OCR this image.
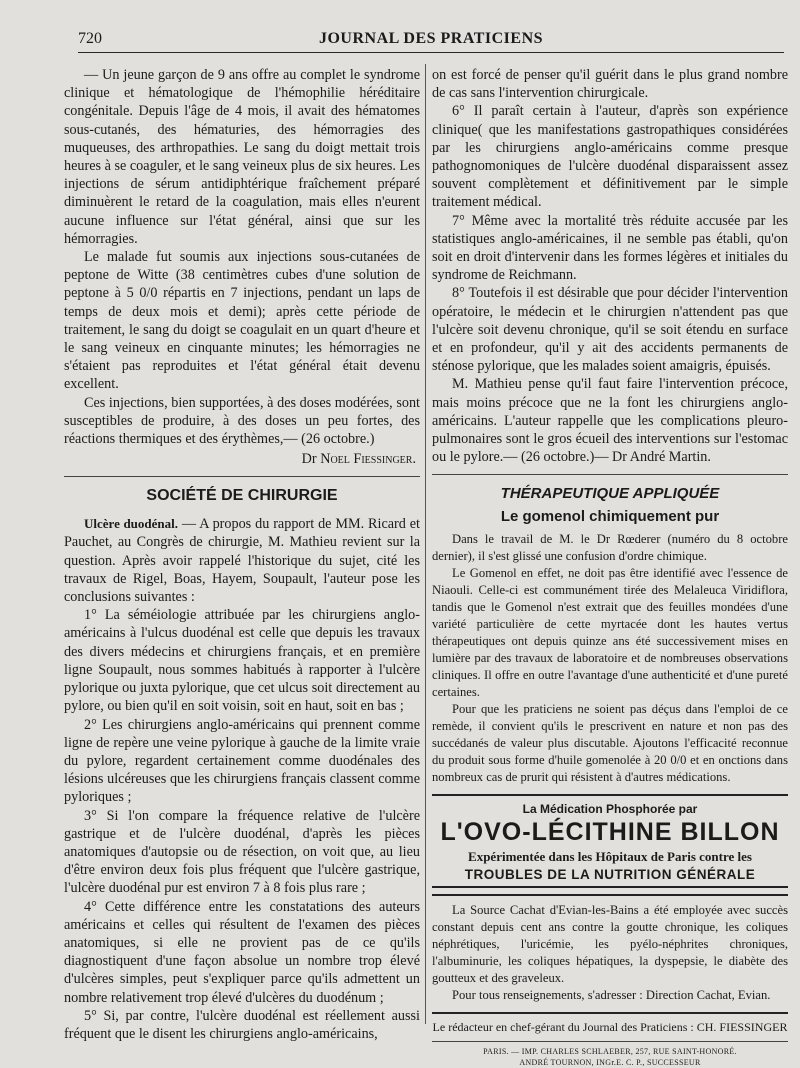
720	JOURNAL DES PRATICIENS

— Un jeune garçon de 9 ans offre au complet le syndrome clinique et hématologique de l'hémophilie héréditaire congénitale. Depuis l'âge de 4 mois, il avait des hématomes sous-cutanés, des hématuries, des hémorragies des muqueuses, des arthropathies. Le sang du doigt mettait trois heures à se coaguler, et le sang veineux plus de six heures. Les injections de sérum antidiphtérique fraîchement préparé diminuèrent le retard de la coagulation, mais elles n'eurent aucune influence sur l'état général, ainsi que sur les hémorragies.

Le malade fut soumis aux injections sous-cutanées de peptone de Witte (38 centimètres cubes d'une solution de peptone à 5 0/0 répartis en 7 injections, pendant un laps de temps de deux mois et demi); après cette période de traitement, le sang du doigt se coagulait en un quart d'heure et le sang veineux en cinquante minutes; les hémorragies ne s'étaient pas reproduites et l'état général était devenu excellent.

Ces injections, bien supportées, à des doses modérées, sont susceptibles de produire, à des doses un peu fortes, des réactions thermiques et des érythèmes,— (26 octobre.)

Dr Noel Fiessinger.
SOCIÉTÉ DE CHIRURGIE

Ulcère duodénal. — A propos du rapport de MM. Ricard et Pauchet, au Congrès de chirurgie, M. Mathieu revient sur la question. Après avoir rappelé l'historique du sujet, cité les travaux de Rigel, Boas, Hayem, Soupault, l'auteur pose les conclusions suivantes :

1° La séméiologie attribuée par les chirurgiens anglo-américains à l'ulcus duodénal est celle que depuis les travaux des divers médecins et chirurgiens français, et en première ligne Soupault, nous sommes habitués à rapporter à l'ulcère pylorique ou juxta pylorique, que cet ulcus soit directement au pylore, ou bien qu'il en soit voisin, soit en haut, soit en bas ;

2° Les chirurgiens anglo-américains qui prennent comme ligne de repère une veine pylorique à gauche de la limite vraie du pylore, regardent certainement comme duodénales des lésions ulcéreuses que les chirurgiens français classent comme pyloriques ;

3° Si l'on compare la fréquence relative de l'ulcère gastrique et de l'ulcère duodénal, d'après les pièces anatomiques d'autopsie ou de résection, on voit que, au lieu d'être environ deux fois plus fréquent que l'ulcère gastrique, l'ulcère duodénal pur est environ 7 à 8 fois plus rare ;

4° Cette différence entre les constatations des auteurs américains et celles qui résultent de l'examen des pièces anatomiques, si elle ne provient pas de ce qu'ils diagnostiquent d'une façon absolue un nombre trop élevé d'ulcères simples, peut s'expliquer parce qu'ils admettent un nombre relativement trop élevé d'ulcères du duodénum ;

5° Si, par contre, l'ulcère duodénal est réellement aussi fréquent que le disent les chirurgiens anglo-américains,

on est forcé de penser qu'il guérit dans le plus grand nombre de cas sans l'intervention chirurgicale.

6° Il paraît certain à l'auteur, d'après son expérience clinique( que les manifestations gastropathiques considérées par les chirurgiens anglo-américains comme presque pathognomoniques de l'ulcère duodénal disparaissent assez souvent complètement et définitivement par le simple traitement médical.

7° Même avec la mortalité très réduite accusée par les statistiques anglo-américaines, il ne semble pas établi, qu'on soit en droit d'intervenir dans les formes légères et initiales du syndrome de Reichmann.

8° Toutefois il est désirable que pour décider l'intervention opératoire, le médecin et le chirurgien n'attendent pas que l'ulcère soit devenu chronique, qu'il se soit étendu en surface et en profondeur, qu'il y ait des accidents permanents de sténose pylorique, que les malades soient amaigris, épuisés.

M. Mathieu pense qu'il faut faire l'intervention précoce, mais moins précoce que ne la font les chirurgiens anglo-américains. L'auteur rappelle que les complications pleuro-pulmonaires sont le gros écueil des interventions sur l'estomac ou le pylore.— (26 octobre.)— Dr André Martin.

THÉRAPEUTIQUE APPLIQUÉE
Le gomenol chimiquement pur

Dans le travail de M. le Dr Rœderer (numéro du 8 octobre dernier), il s'est glissé une confusion d'ordre chimique.

Le Gomenol en effet, ne doit pas être identifié avec l'essence de Niaouli. Celle-ci est communément tirée des Melaleuca Viridiflora, tandis que le Gomenol n'est extrait que des feuilles mondées d'une variété particulière de cette myrtacée dont les hautes vertus thérapeutiques ont depuis quinze ans été successivement mises en lumière par des travaux de laboratoire et de nombreuses observations cliniques. Il offre en outre l'avantage d'une authenticité et d'une pureté certaines.

Pour que les praticiens ne soient pas déçus dans l'emploi de ce remède, il convient qu'ils le prescrivent en nature et non pas des succédanés de valeur plus discutable. Ajoutons l'efficacité reconnue du produit sous forme d'huile gomenolée à 20 0/0 et en onctions dans nombreux cas de prurit qui résistent à d'autres médications.

La Médication Phosphorée par
L'OVO-LÉCITHINE BILLON
Expérimentée dans les Hôpitaux de Paris contre les
TROUBLES DE LA NUTRITION GÉNÉRALE

La Source Cachat d'Evian-les-Bains a été employée avec succès constant depuis cent ans contre la goutte chronique, les coliques néphrétiques, l'uricémie, les pyélo-néphrites chroniques, l'albuminurie, les coliques hépatiques, la dyspepsie, le diabète des goutteux et des graveleux.

Pour tous renseignements, s'adresser : Direction Cachat, Evian.

Le rédacteur en chef-gérant du Journal des Praticiens : CH. FIESSINGER
PARIS. — IMP. CHARLES SCHLAEBER, 257, RUE SAINT-HONORÉ.
ANDRÉ TOURNON, INGr.E. C. P., SUCCESSEUR
